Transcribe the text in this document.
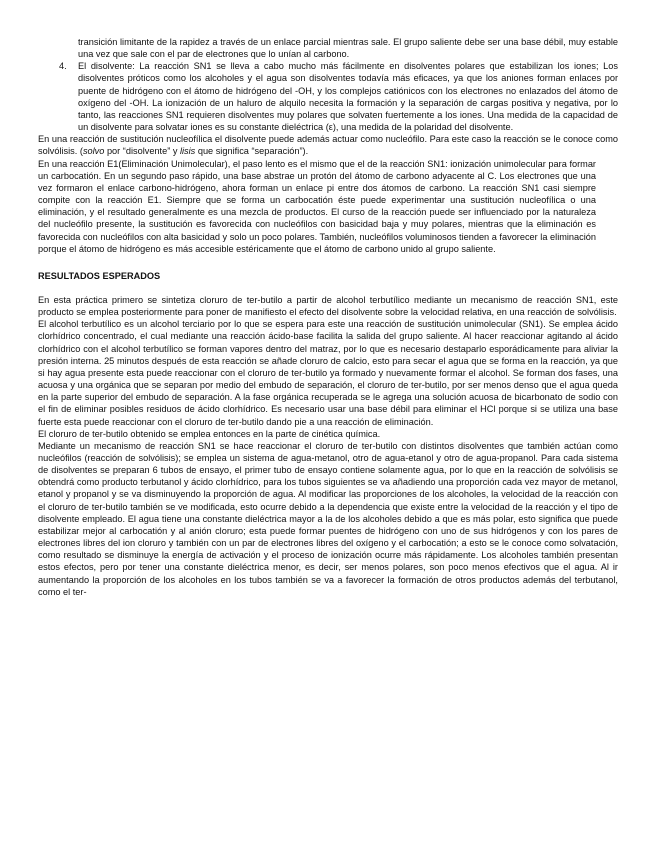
transición limitante de la rapidez a través de un enlace parcial mientras sale. El grupo saliente debe ser una base débil, muy estable una vez que sale con el par de electrones que lo unían al carbono.

4. El disolvente: La reacción SN1 se lleva a cabo mucho más fácilmente en disolventes polares que estabilizan los iones; Los disolventes próticos como los alcoholes y el agua son disolventes todavía más eficaces, ya que los aniones forman enlaces por puente de hidrógeno con el átomo de hidrógeno del -OH, y los complejos catiónicos con los electrones no enlazados del átomo de oxígeno del -OH. La ionización de un haluro de alquilo necesita la formación y la separación de cargas positiva y negativa, por lo tanto, las reacciones SN1 requieren disolventes muy polares que solvaten fuertemente a los iones. Una medida de la capacidad de un disolvente para solvatar iones es su constante dieléctrica (ε), una medida de la polaridad del disolvente.

En una reacción de sustitución nucleofílica el disolvente puede además actuar como nucleófilo. Para este caso la reacción se le conoce como solvólisis. (solvo por “disolvente” y lisis que significa “separación”).

En una reacción E1(Eliminación Unimolecular), el paso lento es el mismo que el de la reacción SN1: ionización unimolecular para formar un carbocatión. En un segundo paso rápido, una base abstrae un protón del átomo de carbono adyacente al C. Los electrones que una vez formaron el enlace carbono-hidrógeno, ahora forman un enlace pi entre dos átomos de carbono. La reacción SN1 casi siempre compite con la reacción E1. Siempre que se forma un carbocatión éste puede experimentar una sustitución nucleofílica o una eliminación, y el resultado generalmente es una mezcla de productos. El curso de la reacción puede ser influenciado por la naturaleza del nucleófilo presente, la sustitución es favorecida con nucleófilos con basicidad baja y muy polares, mientras que la eliminación es favorecida con nucleófilos con alta basicidad y solo un poco polares. También, nucleófilos voluminosos tienden a favorecer la eliminación porque el átomo de hidrógeno es más accesible estéricamente que el átomo de carbono unido al grupo saliente.

RESULTADOS ESPERADOS

En esta práctica primero se sintetiza cloruro de ter-butilo a partir de alcohol terbutílico mediante un mecanismo de reacción SN1, este producto se emplea posteriormente para poner de manifiesto el efecto del disolvente sobre la velocidad relativa, en una reacción de solvólisis.

El alcohol terbutílico es un alcohol terciario por lo que se espera para este una reacción de sustitución unimolecular (SN1). Se emplea ácido clorhídrico concentrado, el cual mediante una reacción ácido-base facilita la salida del grupo saliente. Al hacer reaccionar agitando al ácido clorhídrico con el alcohol terbutílico se forman vapores dentro del matraz, por lo que es necesario destaparlo esporádicamente para aliviar la presión interna. 25 minutos después de esta reacción se añade cloruro de calcio, esto para secar el agua que se forma en la reacción, ya que si hay agua presente esta puede reaccionar con el cloruro de ter-butilo ya formado y nuevamente formar el alcohol. Se forman dos fases, una acuosa y una orgánica que se separan por medio del embudo de separación, el cloruro de ter-butilo, por ser menos denso que el agua queda en la parte superior del embudo de separación. A la fase orgánica recuperada se le agrega una solución acuosa de bicarbonato de sodio con el fin de eliminar posibles residuos de ácido clorhídrico. Es necesario usar una base débil para eliminar el HCl porque si se utiliza una base fuerte esta puede reaccionar con el cloruro de ter-butilo dando pie a una reacción de eliminación.

El cloruro de ter-butilo obtenido se emplea entonces en la parte de cinética química.

Mediante un mecanismo de reacción SN1 se hace reaccionar el cloruro de ter-butilo con distintos disolventes que también actúan como nucleófilos (reacción de solvólisis); se emplea un sistema de agua-metanol, otro de agua-etanol y otro de agua-propanol. Para cada sistema de disolventes se preparan 6 tubos de ensayo, el primer tubo de ensayo contiene solamente agua, por lo que en la reacción de solvólisis se obtendrá como producto terbutanol y ácido clorhídrico, para los tubos siguientes se va añadiendo una proporción cada vez mayor de metanol, etanol y propanol y se va disminuyendo la proporción de agua. Al modificar las proporciones de los alcoholes, la velocidad de la reacción con el cloruro de ter-butilo también se ve modificada, esto ocurre debido a la dependencia que existe entre la velocidad de la reacción y el tipo de disolvente empleado. El agua tiene una constante dieléctrica mayor a la de los alcoholes debido a que es más polar, esto significa que puede estabilizar mejor al carbocatión y al anión cloruro; esta puede formar puentes de hidrógeno con uno de sus hidrógenos y con los pares de electrones libres del ion cloruro y también con un par de electrones libres del oxígeno y el carbocatión; a esto se le conoce como solvatación, como resultado se disminuye la energía de activación y el proceso de ionización ocurre más rápidamente. Los alcoholes también presentan estos efectos, pero por tener una constante dieléctrica menor, es decir, ser menos polares, son poco menos efectivos que el agua. Al ir aumentando la proporción de los alcoholes en los tubos también se va a favorecer la formación de otros productos además del terbutanol, como el ter-
